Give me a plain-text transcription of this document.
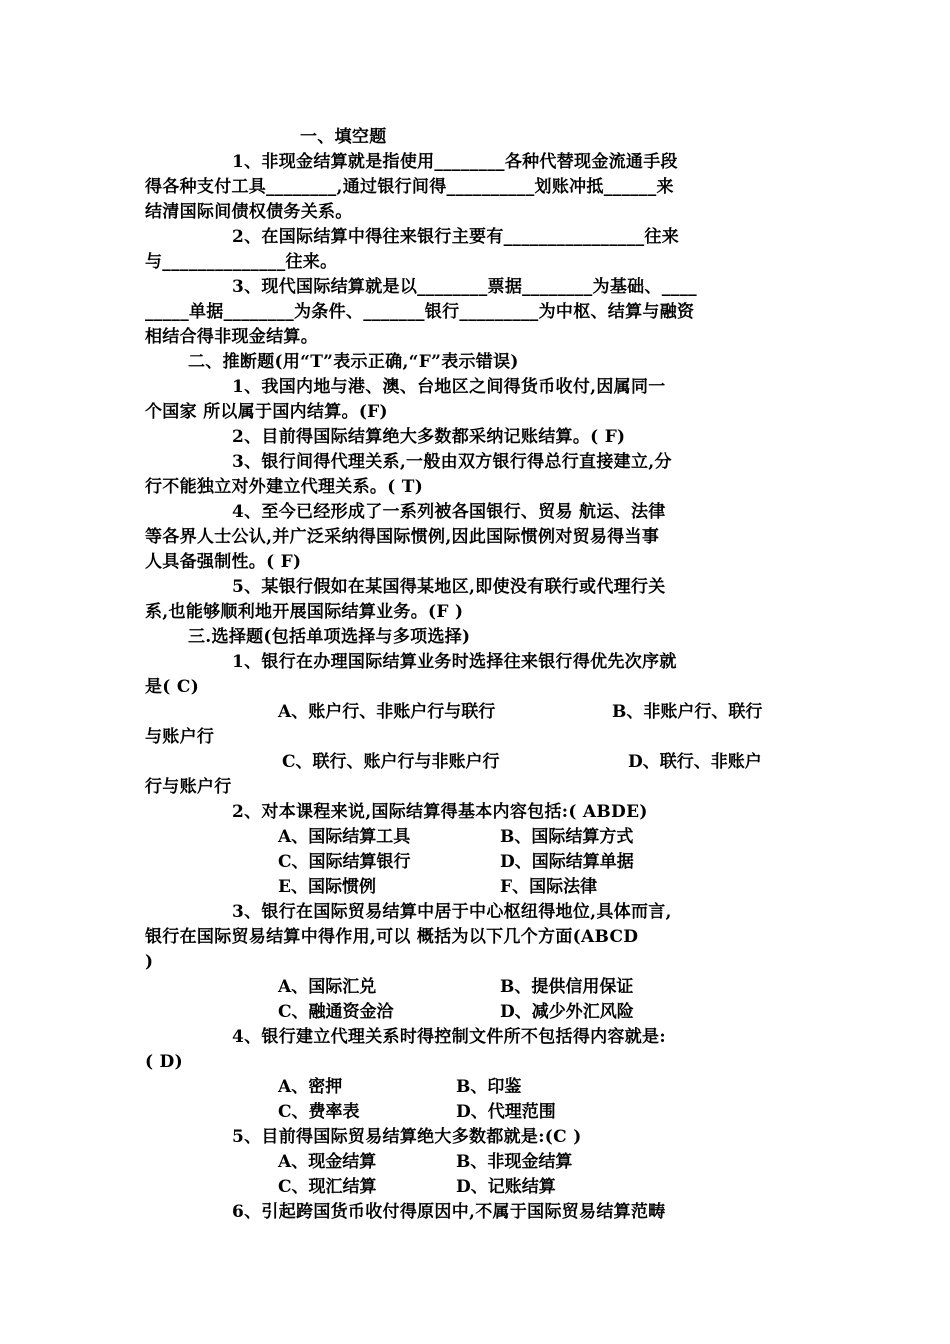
一、填空题
1、非现金结算就是指使用________各种代替现金流通手段
得各种支付工具________,通过银行间得__________划账冲抵______来
结清国际间债权债务关系。
2、在国际结算中得往来银行主要有________________往来
与______________往来。
3、现代国际结算就是以________票据________为基础、____
_____单据________为条件、_______银行_________为中枢、结算与融资
相结合得非现金结算。
二、推断题(用“T”表示正确,“F”表示错误)
1、我国内地与港、澳、台地区之间得货币收付,因属同一
个国家 所以属于国内结算。(F)
2、目前得国际结算绝大多数都采纳记账结算。( F)
3、银行间得代理关系,一般由双方银行得总行直接建立,分
行不能独立对外建立代理关系。( T)
4、至今已经形成了一系列被各国银行、贸易 航运、法律
等各界人士公认,并广泛采纳得国际惯例,因此国际惯例对贸易得当事
人具备强制性。( F)
5、某银行假如在某国得某地区,即使没有联行或代理行关
系,也能够顺利地开展国际结算业务。(F )
三.选择题(包括单项选择与多项选择)
1、银行在办理国际结算业务时选择往来银行得优先次序就
是( C)
A、账户行、非账户行与联行	B、非账户行、联行
与账户行
C、联行、账户行与非账户行	D、联行、非账户
行与账户行
2、对本课程来说,国际结算得基本内容包括:( ABDE)
A、国际结算工具	B、国际结算方式
C、国际结算银行	D、国际结算单据
E、国际惯例	F、国际法律
3、银行在国际贸易结算中居于中心枢纽得地位,具体而言,
银行在国际贸易结算中得作用,可以 概括为以下几个方面(ABCD
)
A、国际汇兑	B、提供信用保证
C、融通资金洽	D、减少外汇风险
4、银行建立代理关系时得控制文件所不包括得内容就是:
( D)
A、密押	B、印鉴
C、费率表	D、代理范围
5、目前得国际贸易结算绝大多数都就是:(C )
A、现金结算	B、非现金结算
C、现汇结算	D、记账结算
6、引起跨国货币收付得原因中,不属于国际贸易结算范畴
